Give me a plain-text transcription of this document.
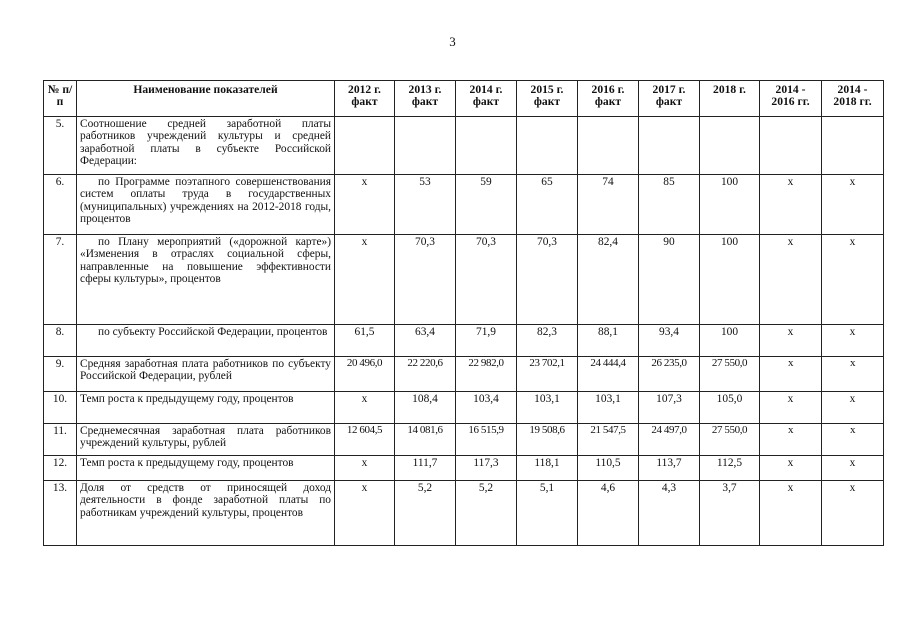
3
№ п/п	Наименование показателей	2012 г. факт	2013 г. факт	2014 г. факт	2015 г. факт	2016 г. факт	2017 г. факт	2018 г.	2014 - 2016 гг.	2014 - 2018 гг.
5.	Соотношение средней заработной платы работников учреждений культуры и средней заработной платы в субъекте Российской Федерации:									
6.	по Программе поэтапного совершенствования систем оплаты труда в государственных (муниципальных) учреждениях на 2012-2018 годы, процентов	х	53	59	65	74	85	100	х	х
7.	по Плану мероприятий («дорожной карте») «Изменения в отраслях социальной сферы, направленные на повышение эффективности сферы культуры», процентов	х	70,3	70,3	70,3	82,4	90	100	х	х
8.	по субъекту Российской Федерации, процентов	61,5	63,4	71,9	82,3	88,1	93,4	100	х	х
9.	Средняя заработная плата работников по субъекту Российской Федерации, рублей	20 496,0	22 220,6	22 982,0	23 702,1	24 444,4	26 235,0	27 550,0	х	х
10.	Темп роста к предыдущему году, процентов	х	108,4	103,4	103,1	103,1	107,3	105,0	х	х
11.	Среднемесячная заработная плата работников учреждений культуры, рублей	12 604,5	14 081,6	16 515,9	19 508,6	21 547,5	24 497,0	27 550,0	х	х
12.	Темп роста к предыдущему году, процентов	х	111,7	117,3	118,1	110,5	113,7	112,5	х	х
13.	Доля от средств от приносящей доход деятельности в фонде заработной платы по работникам учреждений культуры, процентов	х	5,2	5,2	5,1	4,6	4,3	3,7	х	х
